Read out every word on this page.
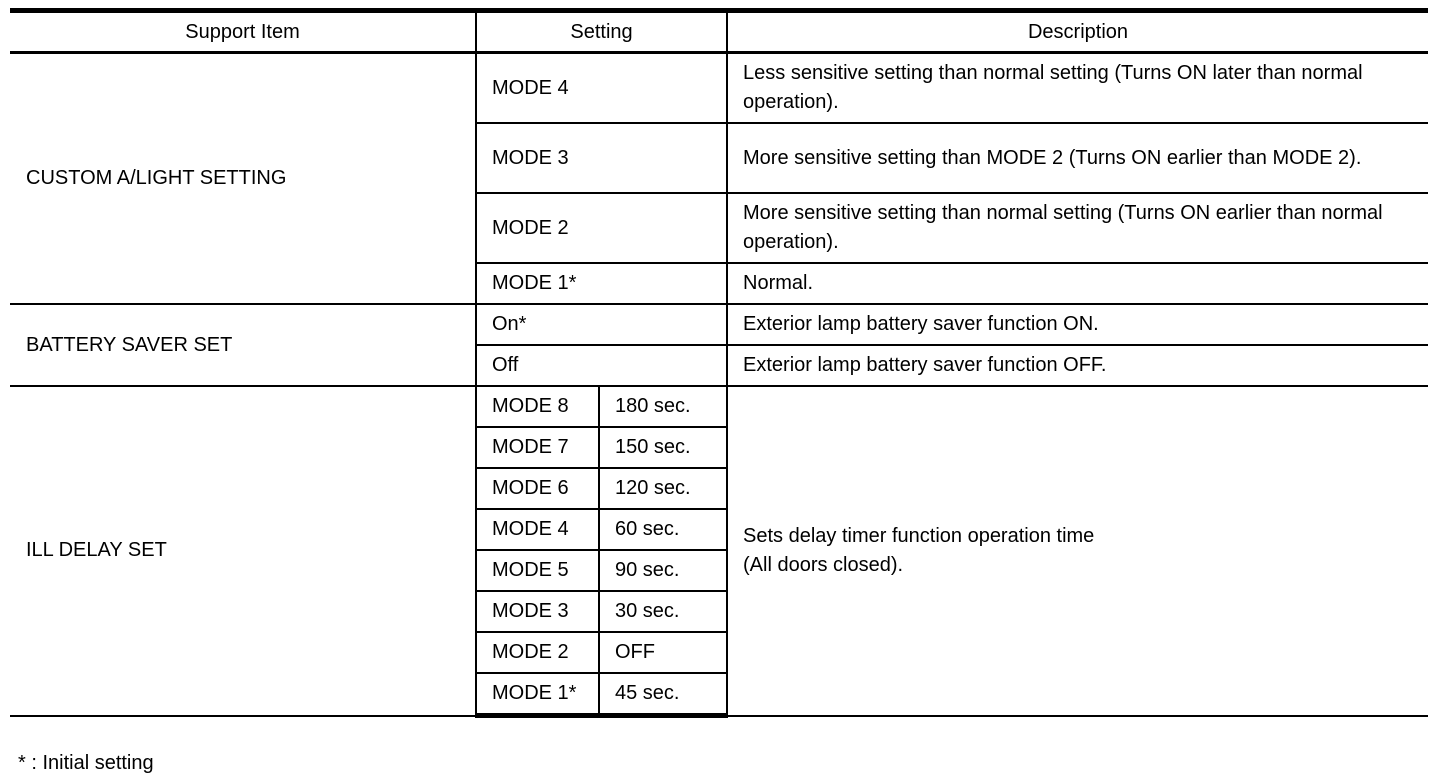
Support Item	Setting		Description
CUSTOM A/LIGHT SETTING	MODE 4		Less sensitive setting than normal setting (Turns ON later than normal operation).
	MODE 3		More sensitive setting than MODE 2 (Turns ON earlier than MODE 2).
	MODE 2		More sensitive setting than normal setting (Turns ON earlier than normal operation).
	MODE 1*		Normal.
BATTERY SAVER SET	On*		Exterior lamp battery saver function ON.
	Off		Exterior lamp battery saver function OFF.
ILL DELAY SET	MODE 8	180 sec.	Sets delay timer function operation time
(All doors closed).

	MODE 7	150 sec.	
	MODE 6	120 sec.	
	MODE 4	60 sec.	
	MODE 5	90 sec.	
	MODE 3	30 sec.	
	MODE 2	OFF	
	MODE 1*	45 sec.	
* : Initial setting
